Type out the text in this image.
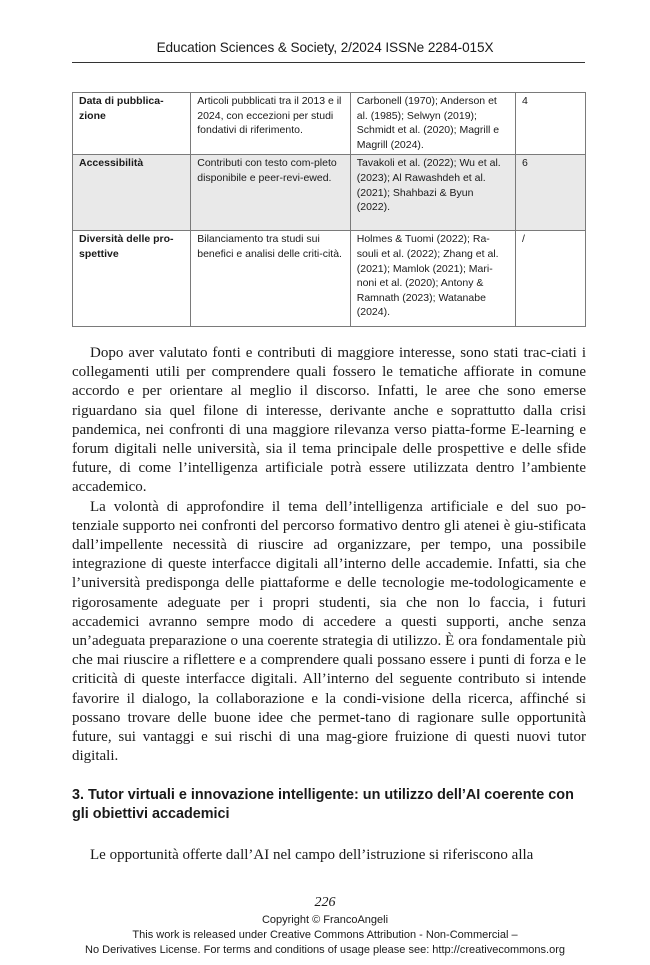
Education Sciences & Society, 2/2024 ISSNe 2284-015X
Data di pubblica-zione	Articoli pubblicati tra il 2013 e il 2024, con eccezioni per studi fondativi di riferimento.	Carbonell (1970); Anderson et al. (1985); Selwyn (2019); Schmidt et al. (2020); Magrill e Magrill (2024).	4
Accessibilità	Contributi con testo com-pleto disponibile e peer-revi-ewed.	Tavakoli et al. (2022); Wu et al. (2023); Al Rawashdeh et al. (2021); Shahbazi & Byun (2022).	6
Diversità delle pro-spettive	Bilanciamento tra studi sui benefici e analisi delle criti-cità.	Holmes & Tuomi (2022); Ra-souli et al. (2022); Zhang et al. (2021); Mamlok (2021); Mari-noni et al. (2020); Antony & Ramnath (2023); Watanabe (2024).	/

Dopo aver valutato fonti e contributi di maggiore interesse, sono stati trac-ciati i collegamenti utili per comprendere quali fossero le tematiche affiorate in comune accordo e per orientare al meglio il discorso. Infatti, le aree che sono emerse riguardano sia quel filone di interesse, derivante anche e soprattutto dalla crisi pandemica, nei confronti di una maggiore rilevanza verso piatta-forme E-learning e forum digitali nelle università, sia il tema principale delle prospettive e delle sfide future, di come l’intelligenza artificiale potrà essere utilizzata dentro l’ambiente accademico.

La volontà di approfondire il tema dell’intelligenza artificiale e del suo po-tenziale supporto nei confronti del percorso formativo dentro gli atenei è giu-stificata dall’impellente necessità di riuscire ad organizzare, per tempo, una possibile integrazione di queste interfacce digitali all’interno delle accademie. Infatti, sia che l’università predisponga delle piattaforme e delle tecnologie me-todologicamente e rigorosamente adeguate per i propri studenti, sia che non lo faccia, i futuri accademici avranno sempre modo di accedere a questi supporti, anche senza un’adeguata preparazione o una coerente strategia di utilizzo. È ora fondamentale più che mai riuscire a riflettere e a comprendere quali possano essere i punti di forza e le criticità di queste interfacce digitali. All’interno del seguente contributo si intende favorire il dialogo, la collaborazione e la condi-visione della ricerca, affinché si possano trovare delle buone idee che permet-tano di ragionare sulle opportunità future, sui vantaggi e sui rischi di una mag-giore fruizione di questi nuovi tutor digitali.

3. Tutor virtuali e innovazione intelligente: un utilizzo dell’AI coerente con gli obiettivi accademici

Le opportunità offerte dall’AI nel campo dell’istruzione si riferiscono alla

226
Copyright © FrancoAngeli
This work is released under Creative Commons Attribution - Non-Commercial –
No Derivatives License. For terms and conditions of usage please see: http://creativecommons.org
